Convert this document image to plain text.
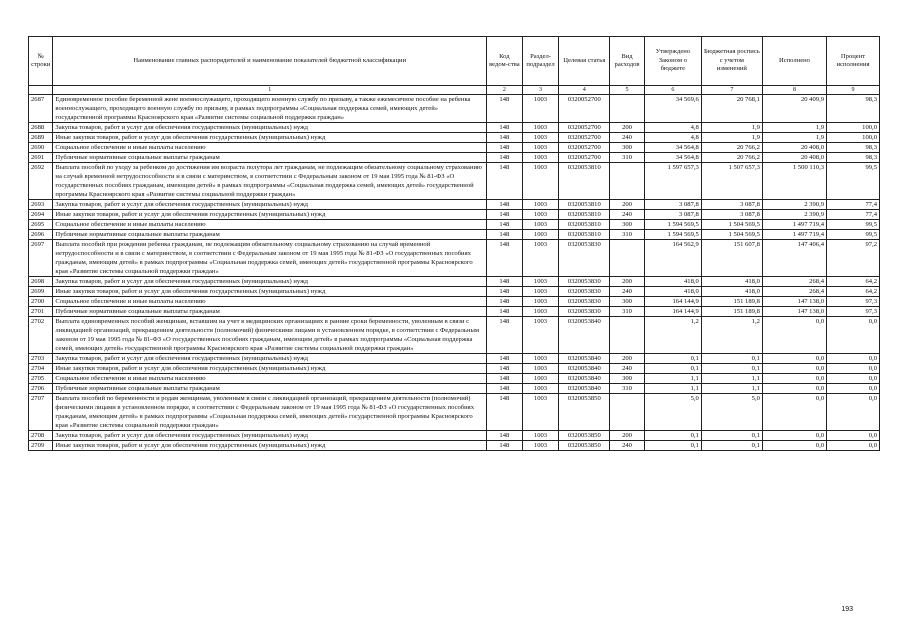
№ строки	Наименование главных распорядителей и наименование показателей бюджетной классификации	Код ведом-ства	Раздел-подраздел	Целевая статья	Вид расходов	Утверждено Законом о бюджете	Бюджетная роспись с учетом изменений	Исполнено	Процент исполнения
	1	2	3	4	5	6	7	8	9
2687	Единовременное пособие беременной жене военнослужащего, проходящего военную службу по призыву, а также ежемесячное пособие на ребенка военнослужащего, проходящего военную службу по призыву, в рамках подпрограммы «Социальная поддержка семей, имеющих детей» государственной программы Красноярского края «Развитие системы социальной поддержки граждан»	148	1003	0320052700		34 569,6	20 768,1	20 409,9	98,3
2688	Закупка товаров, работ и услуг для обеспечения государственных (муниципальных) нужд	148	1003	0320052700	200	4,8	1,9	1,9	100,0
2689	Иные закупки товаров, работ и услуг для обеспечения государственных (муниципальных) нужд	148	1003	0320052700	240	4,8	1,9	1,9	100,0
2690	Социальное обеспечение и иные выплаты населению	148	1003	0320052700	300	34 564,8	20 766,2	20 408,0	98,3
2691	Публичные нормативные социальные выплаты гражданам	148	1003	0320052700	310	34 564,8	20 766,2	20 408,0	98,3
2692	Выплата пособий по уходу за ребенком до достижения им возраста полутора лет гражданам, не подлежащим обязательному социальному страхованию на случай временной нетрудоспособности и в связи с материнством, в соответствии с Федеральным законом от 19 мая 1995 года № 81-ФЗ «О государственных пособиях гражданам, имеющим детей» в рамках подпрограммы «Социальная поддержка семей, имеющих детей» государственной программы Красноярского края «Развитие системы социальной поддержки граждан»	148	1003	0320053810		1 597 657,3	1 507 657,3	1 500 110,3	99,5
2693	Закупка товаров, работ и услуг для обеспечения государственных (муниципальных) нужд	148	1003	0320053810	200	3 087,8	3 087,8	2 390,9	77,4
2694	Иные закупки товаров, работ и услуг для обеспечения государственных (муниципальных) нужд	148	1003	0320053810	240	3 087,8	3 087,8	2 390,9	77,4
2695	Социальное обеспечение и иные выплаты населению	148	1003	0320053810	300	1 594 569,5	1 504 569,5	1 497 719,4	99,5
2696	Публичные нормативные социальные выплаты гражданам	148	1003	0320053810	310	1 594 569,5	1 504 569,5	1 497 719,4	99,5
2697	Выплата пособий при рождении ребенка гражданам, не подлежащим обязательному социальному страхованию на случай временной нетрудоспособности и в связи с материнством, в соответствии с Федеральным законом от 19 мая 1995 года № 81-ФЗ «О государственных пособиях гражданам, имеющим детей» в рамках подпрограммы «Социальная поддержка семей, имеющих детей» государственной программы Красноярского края «Развитие системы социальной поддержки граждан»	148	1003	0320053830		164 562,9	151 607,8	147 406,4	97,2
2698	Закупка товаров, работ и услуг для обеспечения государственных (муниципальных) нужд	148	1003	0320053830	200	418,0	418,0	268,4	64,2
2699	Иные закупки товаров, работ и услуг для обеспечения государственных (муниципальных) нужд	148	1003	0320053830	240	418,0	418,0	268,4	64,2
2700	Социальное обеспечение и иные выплаты населению	148	1003	0320053830	300	164 144,9	151 189,8	147 138,0	97,3
2701	Публичные нормативные социальные выплаты гражданам	148	1003	0320053830	310	164 144,9	151 189,8	147 138,0	97,3
2702	Выплата единовременных пособий женщинам, вставшим на учет в медицинских организациях в ранние сроки беременности, уволенным в связи с ликвидацией организаций, прекращением деятельности (полномочий) физическими лицами в установленном порядке, в соответствии с Федеральным законом от 19 мая 1995 года № 81-ФЗ «О государственных пособиях гражданам, имеющим детей» в рамках подпрограммы «Социальная поддержка семей, имеющих детей» государственной программы Красноярского края «Развитие системы социальной поддержки граждан»	148	1003	0320053840		1,2	1,2	0,0	0,0
2703	Закупка товаров, работ и услуг для обеспечения государственных (муниципальных) нужд	148	1003	0320053840	200	0,1	0,1	0,0	0,0
2704	Иные закупки товаров, работ и услуг для обеспечения государственных (муниципальных) нужд	148	1003	0320053840	240	0,1	0,1	0,0	0,0
2705	Социальное обеспечение и иные выплаты населению	148	1003	0320053840	300	1,1	1,1	0,0	0,0
2706	Публичные нормативные социальные выплаты гражданам	148	1003	0320053840	310	1,1	1,1	0,0	0,0
2707	Выплата пособий по беременности и родам женщинам, уволенным в связи с ликвидацией организаций, прекращением деятельности (полномочий) физическими лицами в установленном порядке, в соответствии с Федеральным законом от 19 мая 1995 года № 81-ФЗ «О государственных пособиях гражданам, имеющим детей» в рамках подпрограммы «Социальная поддержка семей, имеющих детей» государственной программы Красноярского края «Развитие системы социальной поддержки граждан»	148	1003	0320053850		5,0	5,0	0,0	0,0
2708	Закупка товаров, работ и услуг для обеспечения государственных (муниципальных) нужд	148	1003	0320053850	200	0,1	0,1	0,0	0,0
2709	Иные закупки товаров, работ и услуг для обеспечения государственных (муниципальных) нужд	148	1003	0320053850	240	0,1	0,1	0,0	0,0
193
